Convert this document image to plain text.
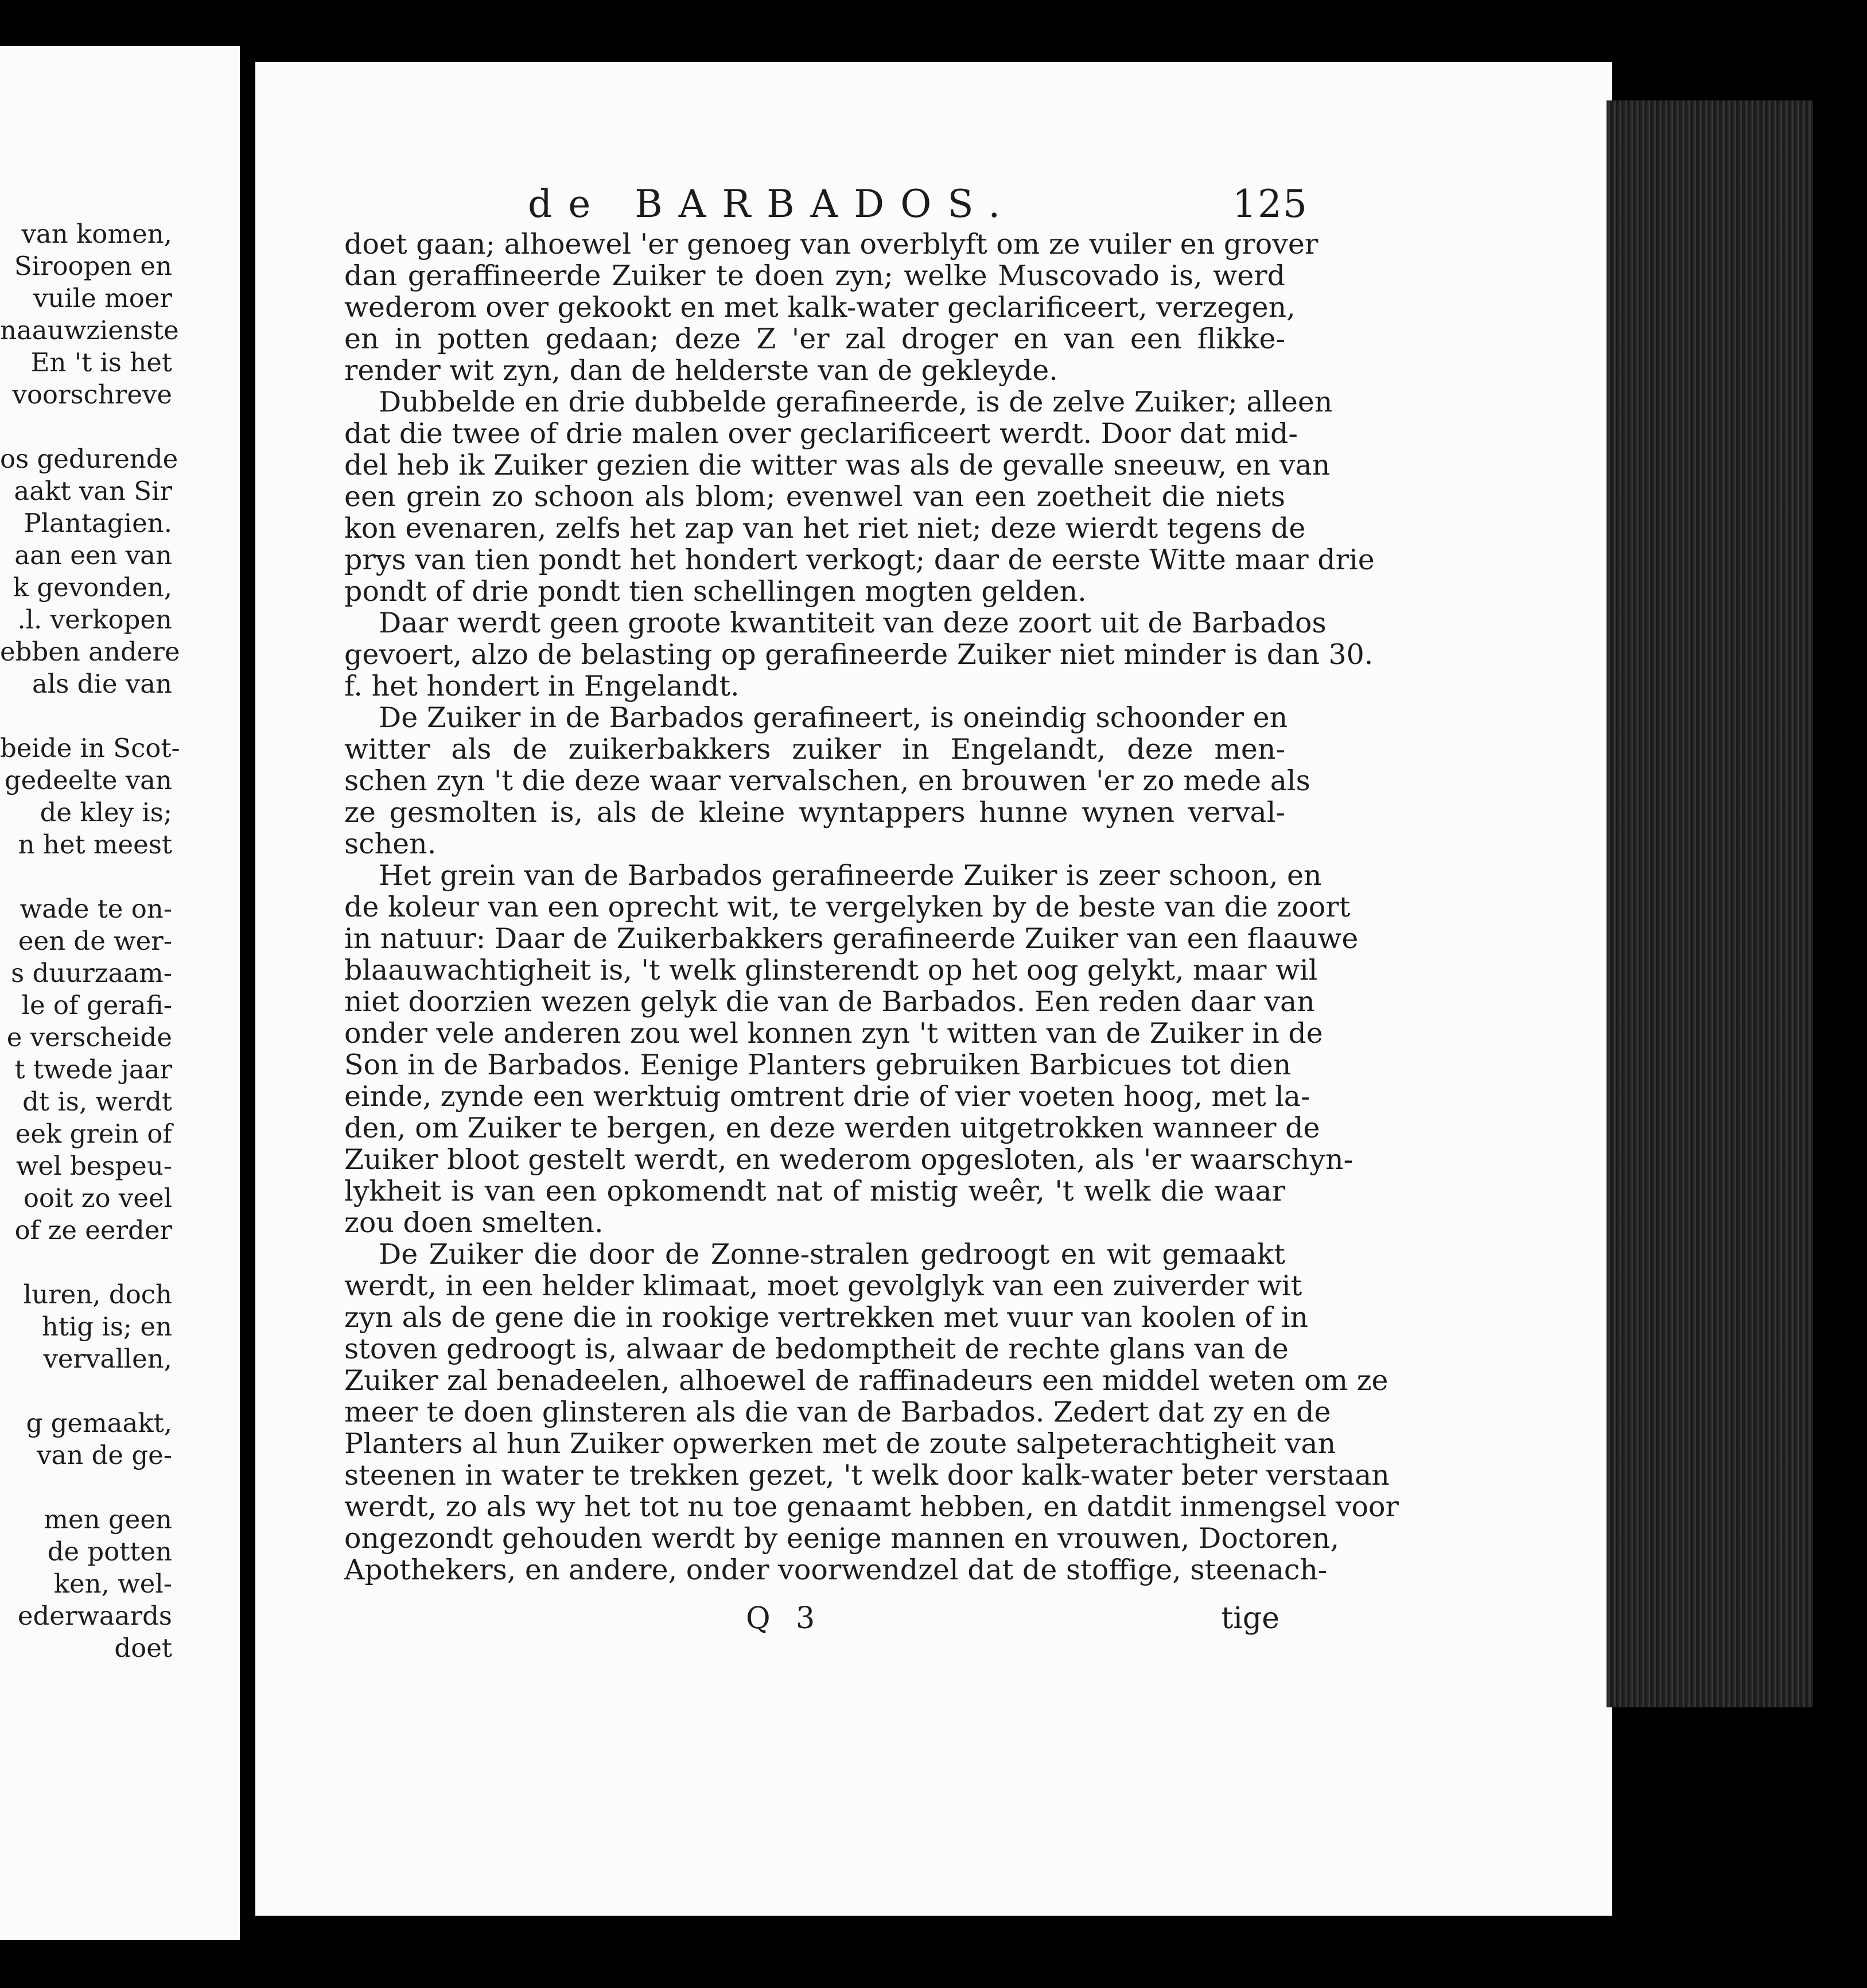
van komen,
Siroopen en
vuile moer
naauwzienste
En 't is het
voorschreve
os gedurende
aakt van Sir
Plantagien.
aan een van
k gevonden,
.l. verkopen
ebben andere
als die van
beide in Scot-
gedeelte van
de kley is;
n het meest
wade te on-
een de wer-
s duurzaam-
le of gerafi-
e verscheide
t twede jaar
dt is, werdt
eek grein of
wel bespeu-
ooit zo veel
of ze eerder
luren, doch
htig is; en
vervallen,
g gemaakt,
van de ge-
men geen
de potten
ken, wel-
ederwaards
doet
de BARBADOS.	125
doet gaan; alhoewel 'er genoeg van overblyft om ze vuiler en grover
dan geraffineerde Zuiker te doen zyn; welke Muscovado is, werd
wederom over gekookt en met kalk-water geclarificeert, verzegen,
en in potten gedaan; deze Z 'er zal droger en van een flikke-
render wit zyn, dan de helderste van de gekleyde.
Dubbelde en drie dubbelde gerafineerde, is de zelve Zuiker; alleen
dat die twee of drie malen over geclarificeert werdt. Door dat mid-
del heb ik Zuiker gezien die witter was als de gevalle sneeuw, en van
een grein zo schoon als blom; evenwel van een zoetheit die niets
kon evenaren, zelfs het zap van het riet niet; deze wierdt tegens de
prys van tien pondt het hondert verkogt; daar de eerste Witte maar drie
pondt of drie pondt tien schellingen mogten gelden.
Daar werdt geen groote kwantiteit van deze zoort uit de Barbados
gevoert, alzo de belasting op gerafineerde Zuiker niet minder is dan 30.
f. het hondert in Engelandt.
De Zuiker in de Barbados gerafineert, is oneindig schoonder en
witter als de zuikerbakkers zuiker in Engelandt, deze men-
schen zyn 't die deze waar vervalschen, en brouwen 'er zo mede als
ze gesmolten is, als de kleine wyntappers hunne wynen verval-
schen.
Het grein van de Barbados gerafineerde Zuiker is zeer schoon, en
de koleur van een oprecht wit, te vergelyken by de beste van die zoort
in natuur: Daar de Zuikerbakkers gerafineerde Zuiker van een flaauwe
blaauwachtigheit is, 't welk glinsterendt op het oog gelykt, maar wil
niet doorzien wezen gelyk die van de Barbados. Een reden daar van
onder vele anderen zou wel konnen zyn 't witten van de Zuiker in de
Son in de Barbados. Eenige Planters gebruiken Barbicues tot dien
einde, zynde een werktuig omtrent drie of vier voeten hoog, met la-
den, om Zuiker te bergen, en deze werden uitgetrokken wanneer de
Zuiker bloot gestelt werdt, en wederom opgesloten, als 'er waarschyn-
lykheit is van een opkomendt nat of mistig weêr, 't welk die waar
zou doen smelten.
De Zuiker die door de Zonne-stralen gedroogt en wit gemaakt
werdt, in een helder klimaat, moet gevolglyk van een zuiverder wit
zyn als de gene die in rookige vertrekken met vuur van koolen of in
stoven gedroogt is, alwaar de bedomptheit de rechte glans van de
Zuiker zal benadeelen, alhoewel de raffinadeurs een middel weten om ze
meer te doen glinsteren als die van de Barbados. Zedert dat zy en de
Planters al hun Zuiker opwerken met de zoute salpeterachtigheit van
steenen in water te trekken gezet, 't welk door kalk-water beter verstaan
werdt, zo als wy het tot nu toe genaamt hebben, en datdit inmengsel voor
ongezondt gehouden werdt by eenige mannen en vrouwen, Doctoren,
Apothekers, en andere, onder voorwendzel dat de stoffige, steenach-
Q 3	tige
